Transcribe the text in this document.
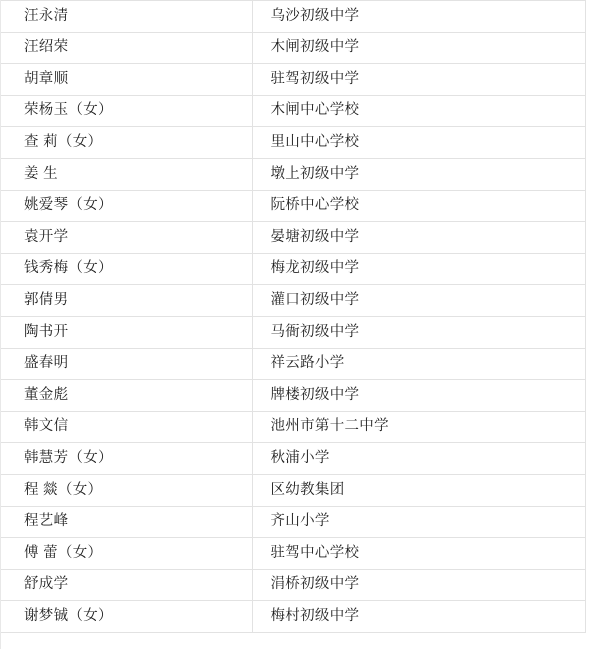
汪永清	乌沙初级中学
汪绍荣	木闸初级中学
胡章顺	驻驾初级中学
荣杨玉（女）	木闸中心学校
查 莉（女）	里山中心学校
姜 生	墩上初级中学
姚爱琴（女）	阮桥中心学校
袁开学	晏塘初级中学
钱秀梅（女）	梅龙初级中学
郭倩男	灌口初级中学
陶书开	马衙初级中学
盛春明	祥云路小学
董金彪	牌楼初级中学
韩文信	池州市第十二中学
韩慧芳（女）	秋浦小学
程 燚（女）	区幼教集团
程艺峰	齐山小学
傅 蕾（女）	驻驾中心学校
舒成学	涓桥初级中学
谢梦铖（女）	梅村初级中学
